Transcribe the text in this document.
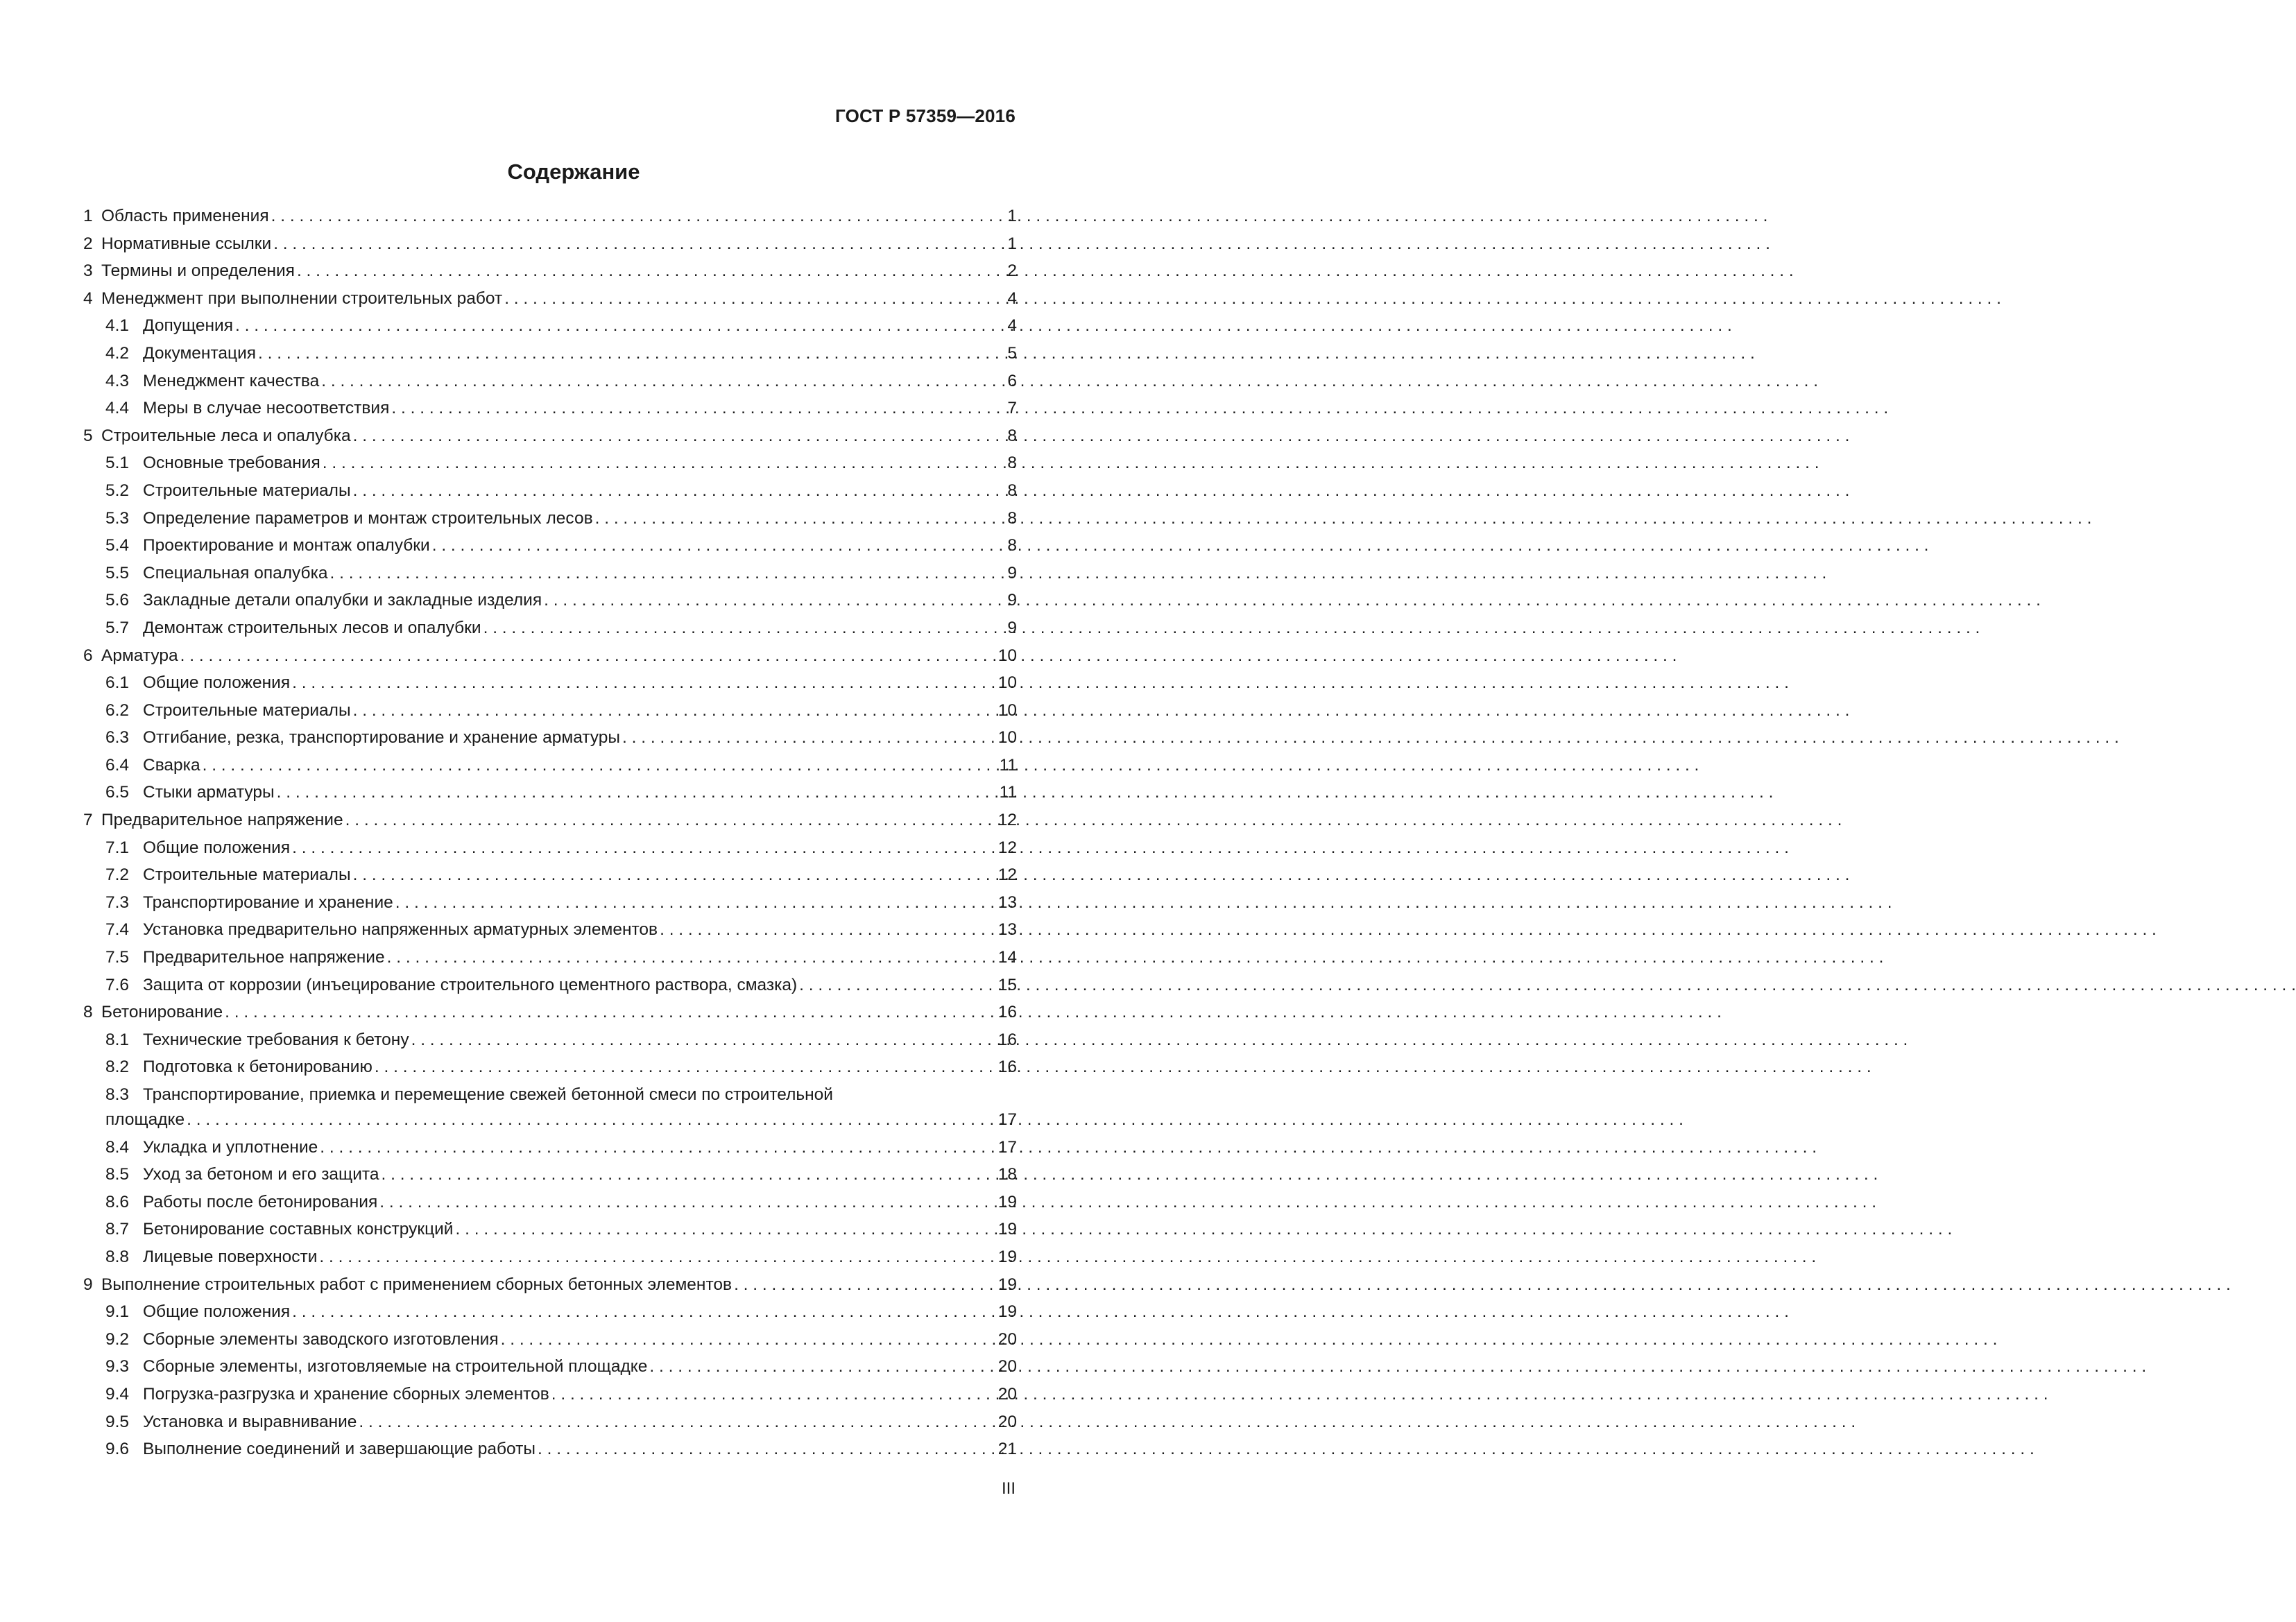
ГОСТ Р 57359—2016
Содержание
1 Область применения . . .	1
2 Нормативные ссылки . . .	1
3 Термины и определения . . .	2
4 Менеджмент при выполнении строительных работ . . .	4
4.1 Допущения . . .	4
4.2 Документация . . .	5
4.3 Менеджмент качества . . .	6
4.4 Меры в случае несоответствия . . .	7
5 Строительные леса и опалубка . . .	8
5.1 Основные требования . . .	8
5.2 Строительные материалы . . .	8
5.3 Определение параметров и монтаж строительных лесов . . .	8
5.4 Проектирование и монтаж опалубки . . .	8
5.5 Специальная опалубка . . .	9
5.6 Закладные детали опалубки и закладные изделия . . .	9
5.7 Демонтаж строительных лесов и опалубки . . .	9
6 Арматура . . .	10
6.1 Общие положения . . .	10
6.2 Строительные материалы . . .	10
6.3 Отгибание, резка, транспортирование и хранение арматуры . . .	10
6.4 Сварка . . .	11
6.5 Стыки арматуры . . .	11
7 Предварительное напряжение . . .	12
7.1 Общие положения . . .	12
7.2 Строительные материалы . . .	12
7.3 Транспортирование и хранение . . .	13
7.4 Установка предварительно напряженных арматурных элементов . . .	13
7.5 Предварительное напряжение . . .	14
7.6 Защита от коррозии (инъецирование строительного цементного раствора, смазка) . . .	15
8 Бетонирование . . .	16
8.1 Технические требования к бетону . . .	16
8.2 Подготовка к бетонированию . . .	16
8.3 Транспортирование, приемка и перемещение свежей бетонной смеси по строительной
площадке . . .	17
8.4 Укладка и уплотнение . . .	17
8.5 Уход за бетоном и его защита . . .	18
8.6 Работы после бетонирования . . .	19
8.7 Бетонирование составных конструкций . . .	19
8.8 Лицевые поверхности . . .	19
9 Выполнение строительных работ с применением сборных бетонных элементов . . .	19
9.1 Общие положения . . .	19
9.2 Сборные элементы заводского изготовления . . .	20
9.3 Сборные элементы, изготовляемые на строительной площадке . . .	20
9.4 Погрузка-разгрузка и хранение сборных элементов . . .	20
9.5 Установка и выравнивание . . .	20
9.6 Выполнение соединений и завершающие работы . . .	21
III
